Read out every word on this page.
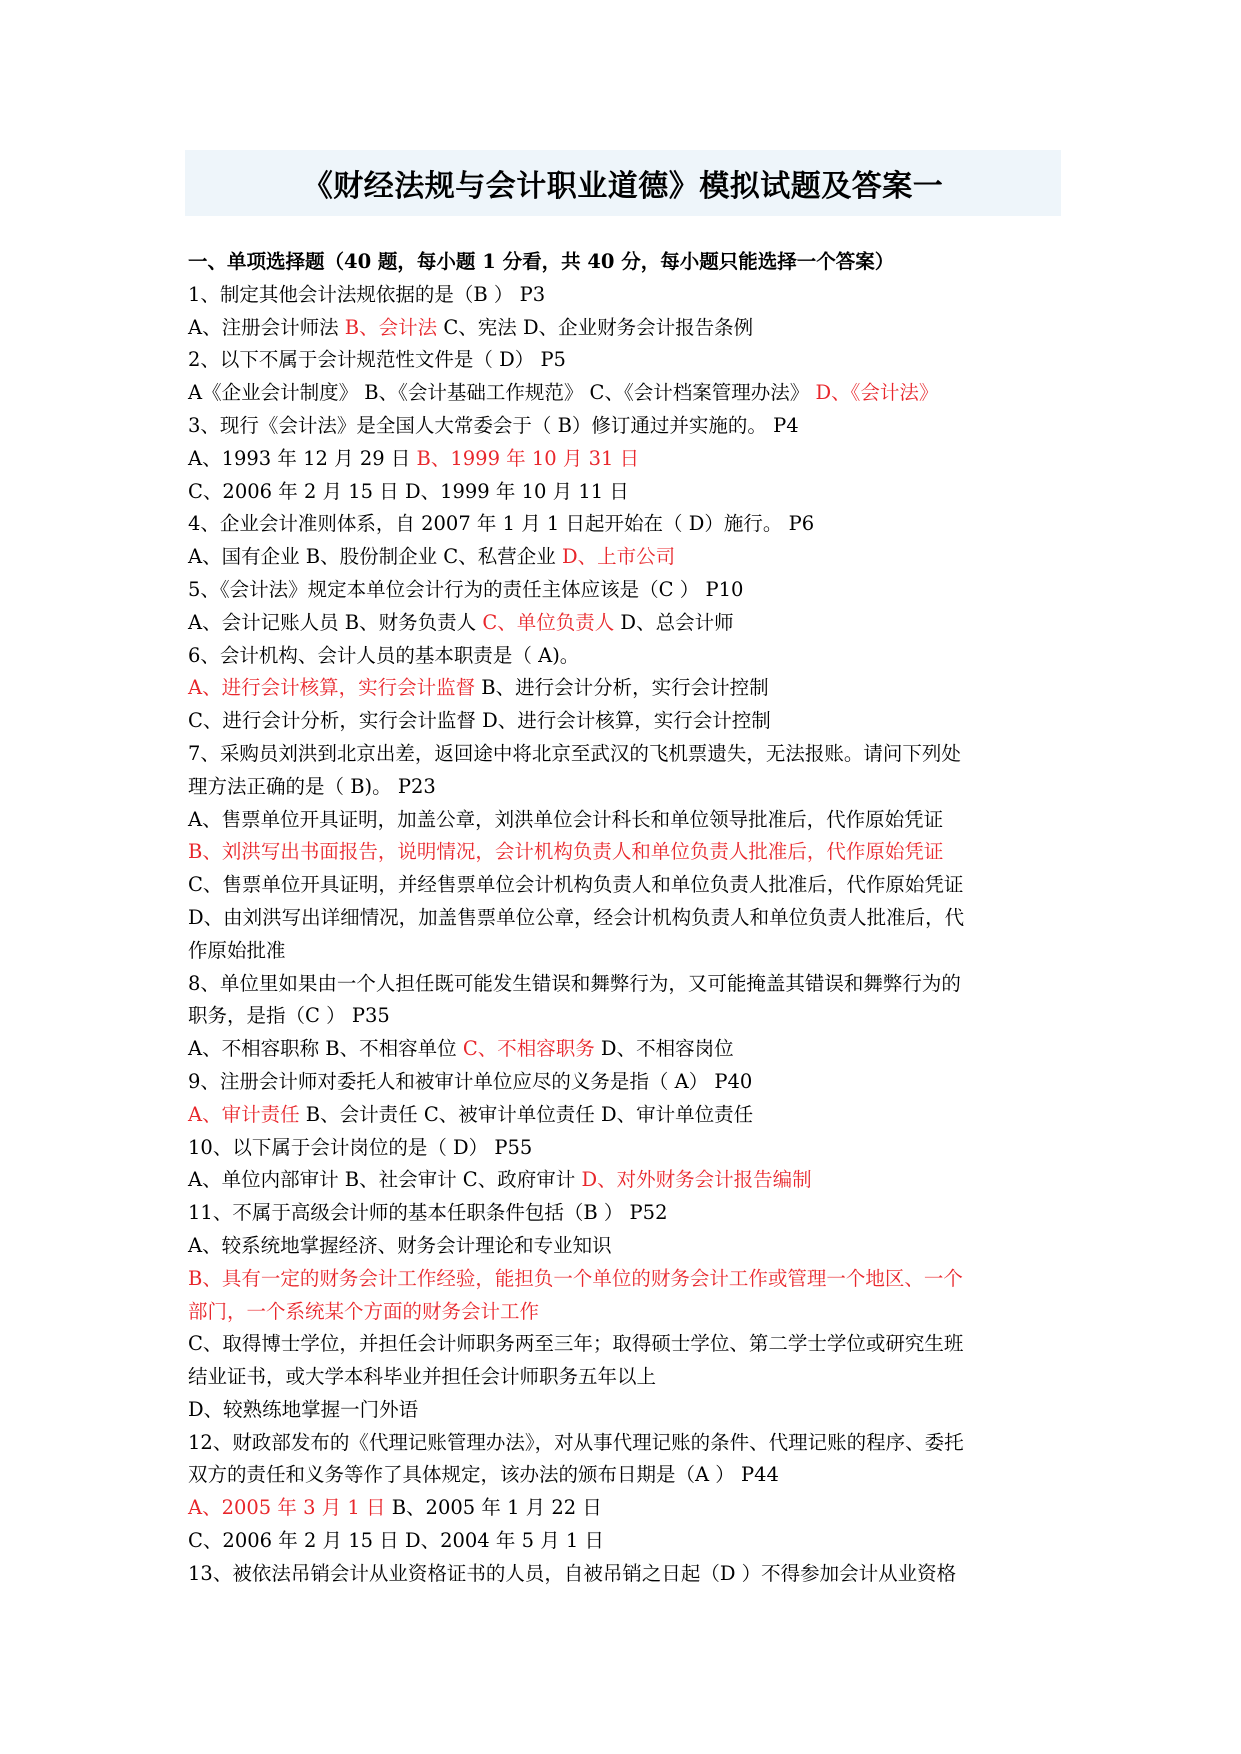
《财经法规与会计职业道德》模拟试题及答案一
一、单项选择题（40 题，每小题 1 分看，共 40 分，每小题只能选择一个答案）
1、制定其他会计法规依据的是（B ） P3
A、注册会计师法 B、会计法 C、宪法 D、企业财务会计报告条例
2、以下不属于会计规范性文件是（ D） P5
A《企业会计制度》 B、《会计基础工作规范》 C、《会计档案管理办法》 D、《会计法》
3、现行《会计法》是全国人大常委会于（ B）修订通过并实施的。 P4
A、1993 年 12 月 29 日 B、1999 年 10 月 31 日
C、2006 年 2 月 15 日 D、1999 年 10 月 11 日
4、企业会计准则体系，自 2007 年 1 月 1 日起开始在（ D）施行。 P6
A、国有企业 B、股份制企业 C、私营企业 D、上市公司
5、《会计法》规定本单位会计行为的责任主体应该是（C ） P10
A、会计记账人员 B、财务负责人 C、单位负责人 D、总会计师
6、会计机构、会计人员的基本职责是（ A)。
A、进行会计核算，实行会计监督 B、进行会计分析，实行会计控制
C、进行会计分析，实行会计监督 D、进行会计核算，实行会计控制
7、采购员刘洪到北京出差，返回途中将北京至武汉的飞机票遗失，无法报账。请问下列处
理方法正确的是（ B)。 P23
A、售票单位开具证明，加盖公章，刘洪单位会计科长和单位领导批准后，代作原始凭证
B、刘洪写出书面报告，说明情况，会计机构负责人和单位负责人批准后，代作原始凭证
C、售票单位开具证明，并经售票单位会计机构负责人和单位负责人批准后，代作原始凭证
D、由刘洪写出详细情况，加盖售票单位公章，经会计机构负责人和单位负责人批准后，代
作原始批准
8、单位里如果由一个人担任既可能发生错误和舞弊行为，又可能掩盖其错误和舞弊行为的
职务，是指（C ） P35
A、不相容职称 B、不相容单位 C、不相容职务 D、不相容岗位
9、注册会计师对委托人和被审计单位应尽的义务是指（ A） P40
A、审计责任 B、会计责任 C、被审计单位责任 D、审计单位责任
10、以下属于会计岗位的是（ D） P55
A、单位内部审计 B、社会审计 C、政府审计 D、对外财务会计报告编制
11、不属于高级会计师的基本任职条件包括（B ） P52
A、较系统地掌握经济、财务会计理论和专业知识
B、具有一定的财务会计工作经验，能担负一个单位的财务会计工作或管理一个地区、一个
部门，一个系统某个方面的财务会计工作
C、取得博士学位，并担任会计师职务两至三年；取得硕士学位、第二学士学位或研究生班
结业证书，或大学本科毕业并担任会计师职务五年以上
D、较熟练地掌握一门外语
12、财政部发布的《代理记账管理办法》，对从事代理记账的条件、代理记账的程序、委托
双方的责任和义务等作了具体规定，该办法的颁布日期是（A ） P44
A、2005 年 3 月 1 日 B、2005 年 1 月 22 日
C、2006 年 2 月 15 日 D、2004 年 5 月 1 日
13、被依法吊销会计从业资格证书的人员，自被吊销之日起（D ）不得参加会计从业资格
